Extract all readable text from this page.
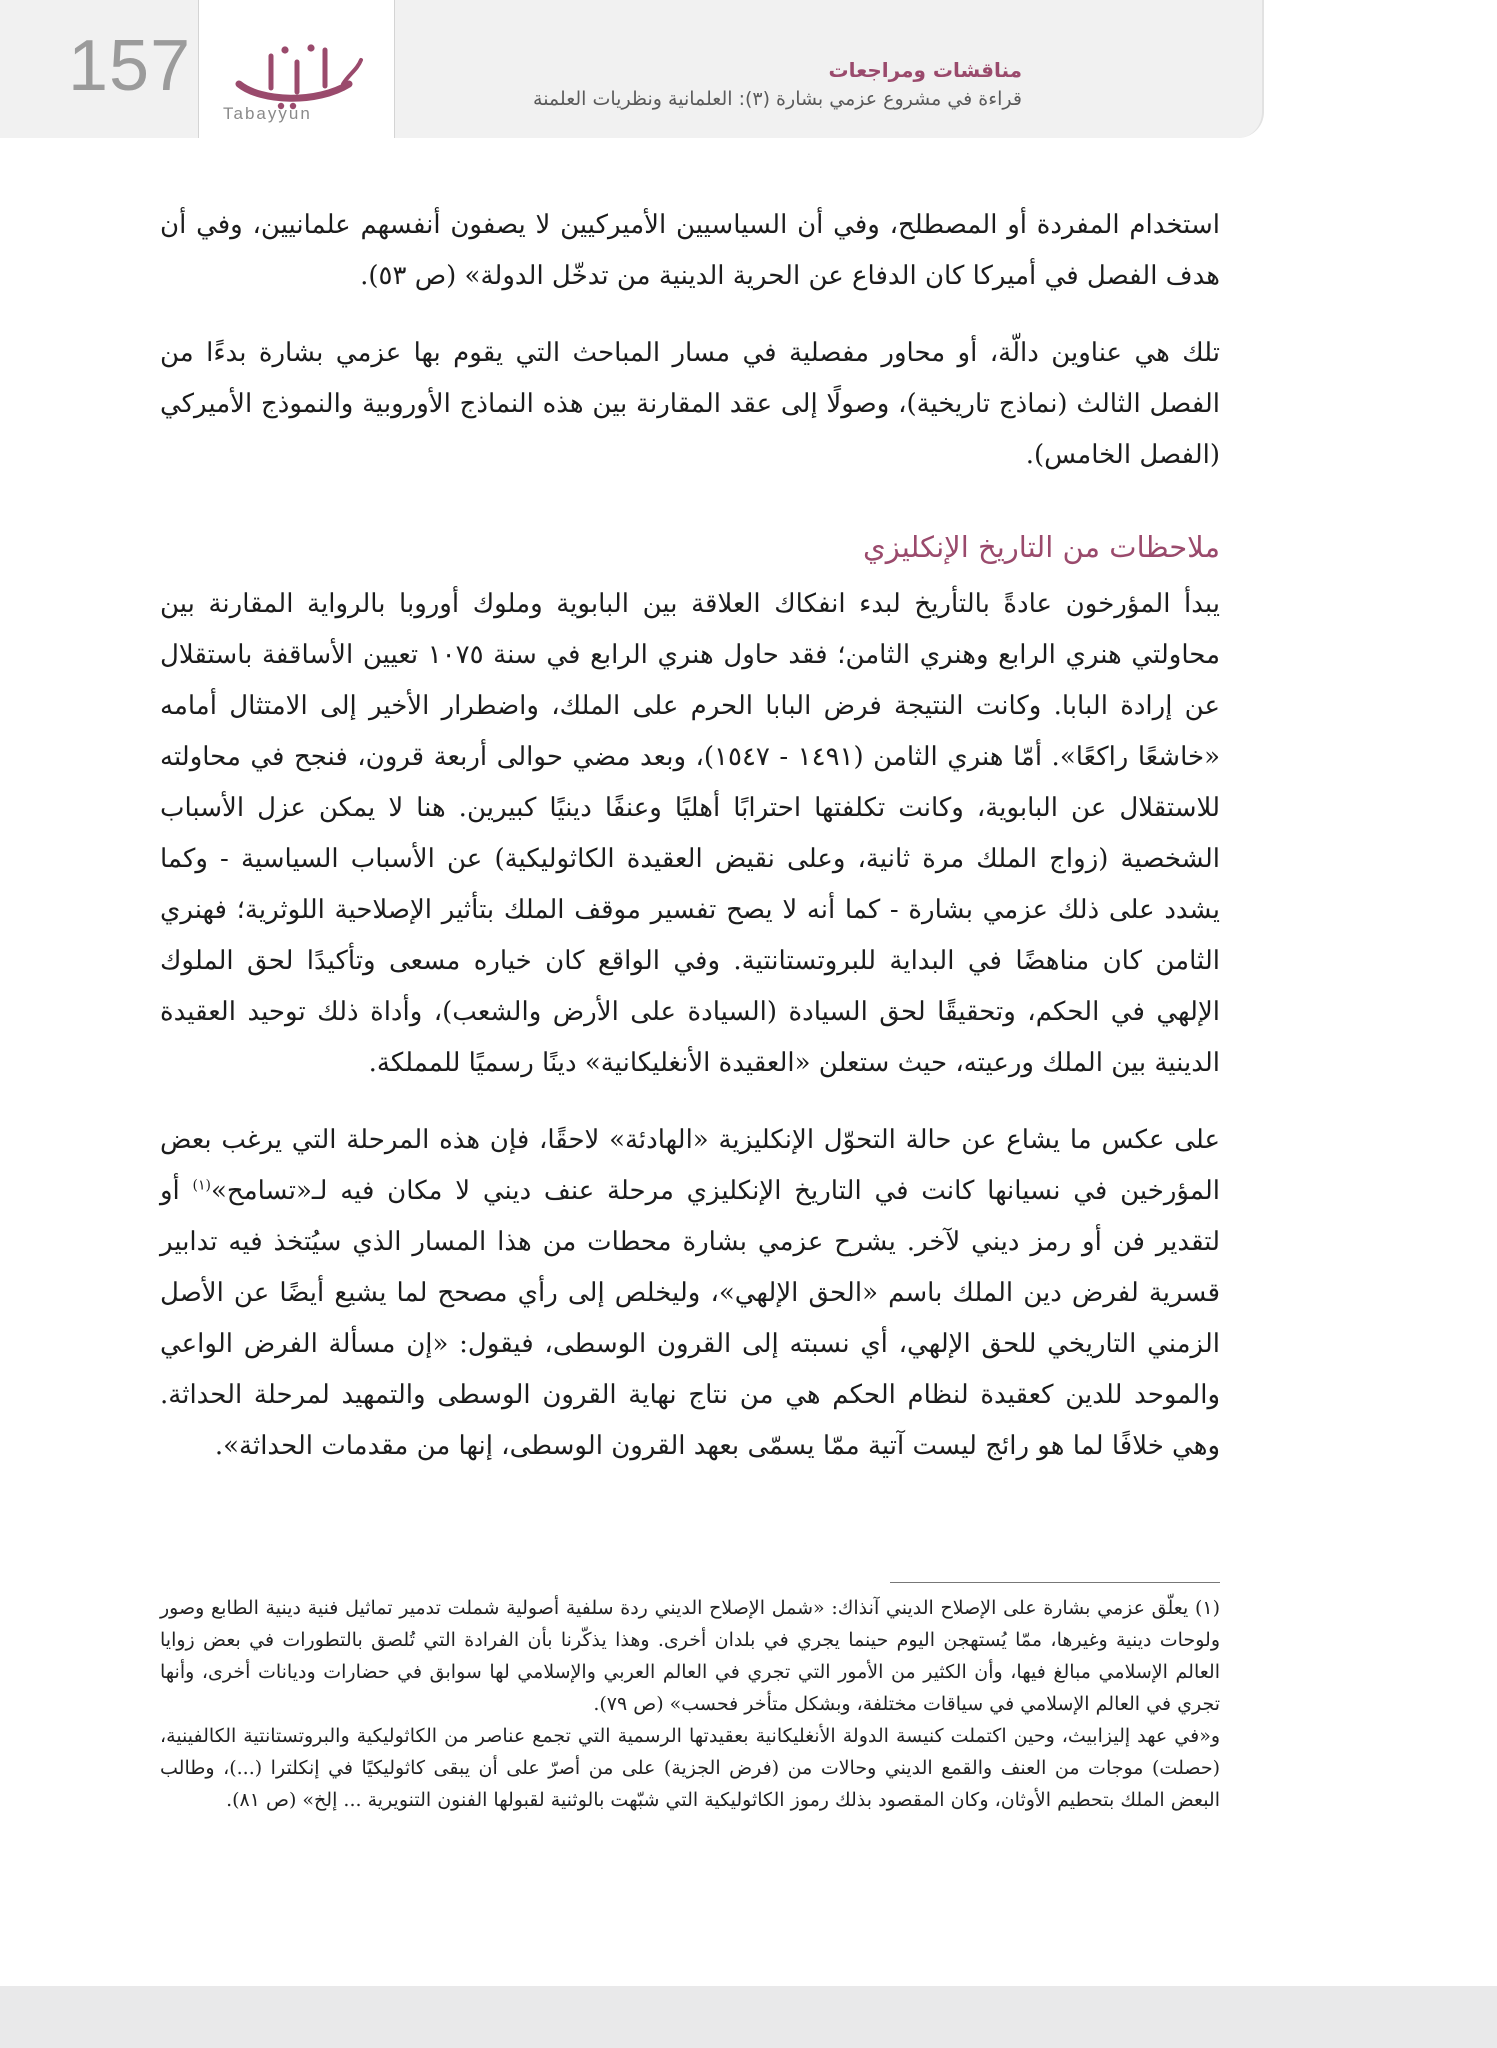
157
Tabayyun
مناقشات ومراجعات
قراءة في مشروع عزمي بشارة (٣): العلمانية ونظريات العلمنة

استخدام المفردة أو المصطلح، وفي أن السياسيين الأميركيين لا يصفون أنفسهم علمانيين، وفي أن هدف الفصل في أميركا كان الدفاع عن الحرية الدينية من تدخّل الدولة» (ص ٥٣).

تلك هي عناوين دالّة، أو محاور مفصلية في مسار المباحث التي يقوم بها عزمي بشارة بدءًا من الفصل الثالث (نماذج تاريخية)، وصولًا إلى عقد المقارنة بين هذه النماذج الأوروبية والنموذج الأميركي (الفصل الخامس).

ملاحظات من التاريخ الإنكليزي

يبدأ المؤرخون عادةً بالتأريخ لبدء انفكاك العلاقة بين البابوية وملوك أوروبا بالرواية المقارنة بين محاولتي هنري الرابع وهنري الثامن؛ فقد حاول هنري الرابع في سنة ١٠٧٥ تعيين الأساقفة باستقلال عن إرادة البابا. وكانت النتيجة فرض البابا الحرم على الملك، واضطرار الأخير إلى الامتثال أمامه «خاشعًا راكعًا». أمّا هنري الثامن (١٤٩١ - ١٥٤٧)، وبعد مضي حوالى أربعة قرون، فنجح في محاولته للاستقلال عن البابوية، وكانت تكلفتها احترابًا أهليًا وعنفًا دينيًا كبيرين. هنا لا يمكن عزل الأسباب الشخصية (زواج الملك مرة ثانية، وعلى نقيض العقيدة الكاثوليكية) عن الأسباب السياسية - وكما يشدد على ذلك عزمي بشارة - كما أنه لا يصح تفسير موقف الملك بتأثير الإصلاحية اللوثرية؛ فهنري الثامن كان مناهضًا في البداية للبروتستانتية. وفي الواقع كان خياره مسعى وتأكيدًا لحق الملوك الإلهي في الحكم، وتحقيقًا لحق السيادة (السيادة على الأرض والشعب)، وأداة ذلك توحيد العقيدة الدينية بين الملك ورعيته، حيث ستعلن «العقيدة الأنغليكانية» دينًا رسميًا للمملكة.

على عكس ما يشاع عن حالة التحوّل الإنكليزية «الهادئة» لاحقًا، فإن هذه المرحلة التي يرغب بعض المؤرخين في نسيانها كانت في التاريخ الإنكليزي مرحلة عنف ديني لا مكان فيه لـ«تسامح»$^{(١)}$ أو لتقدير فن أو رمز ديني لآخر. يشرح عزمي بشارة محطات من هذا المسار الذي سيُتخذ فيه تدابير قسرية لفرض دين الملك باسم «الحق الإلهي»، وليخلص إلى رأي مصحح لما يشيع أيضًا عن الأصل الزمني التاريخي للحق الإلهي، أي نسبته إلى القرون الوسطى، فيقول: «إن مسألة الفرض الواعي والموحد للدين كعقيدة لنظام الحكم هي من نتاج نهاية القرون الوسطى والتمهيد لمرحلة الحداثة. وهي خلافًا لما هو رائج ليست آتية ممّا يسمّى بعهد القرون الوسطى، إنها من مقدمات الحداثة».

(١) يعلّق عزمي بشارة على الإصلاح الديني آنذاك: «شمل الإصلاح الديني ردة سلفية أصولية شملت تدمير تماثيل فنية دينية الطابع وصور ولوحات دينية وغيرها، ممّا يُستهجن اليوم حينما يجري في بلدان أخرى. وهذا يذكّرنا بأن الفرادة التي تُلصق بالتطورات في بعض زوايا العالم الإسلامي مبالغ فيها، وأن الكثير من الأمور التي تجري في العالم العربي والإسلامي لها سوابق في حضارات وديانات أخرى، وأنها تجري في العالم الإسلامي في سياقات مختلفة، وبشكل متأخر فحسب» (ص ٧٩).

و«في عهد إليزابيث، وحين اكتملت كنيسة الدولة الأنغليكانية بعقيدتها الرسمية التي تجمع عناصر من الكاثوليكية والبروتستانتية الكالفينية، (حصلت) موجات من العنف والقمع الديني وحالات من (فرض الجزية) على من أصرّ على أن يبقى كاثوليكيًا في إنكلترا (...)، وطالب البعض الملك بتحطيم الأوثان، وكان المقصود بذلك رموز الكاثوليكية التي شبّهت بالوثنية لقبولها الفنون التنويرية ... إلخ» (ص ٨١).
